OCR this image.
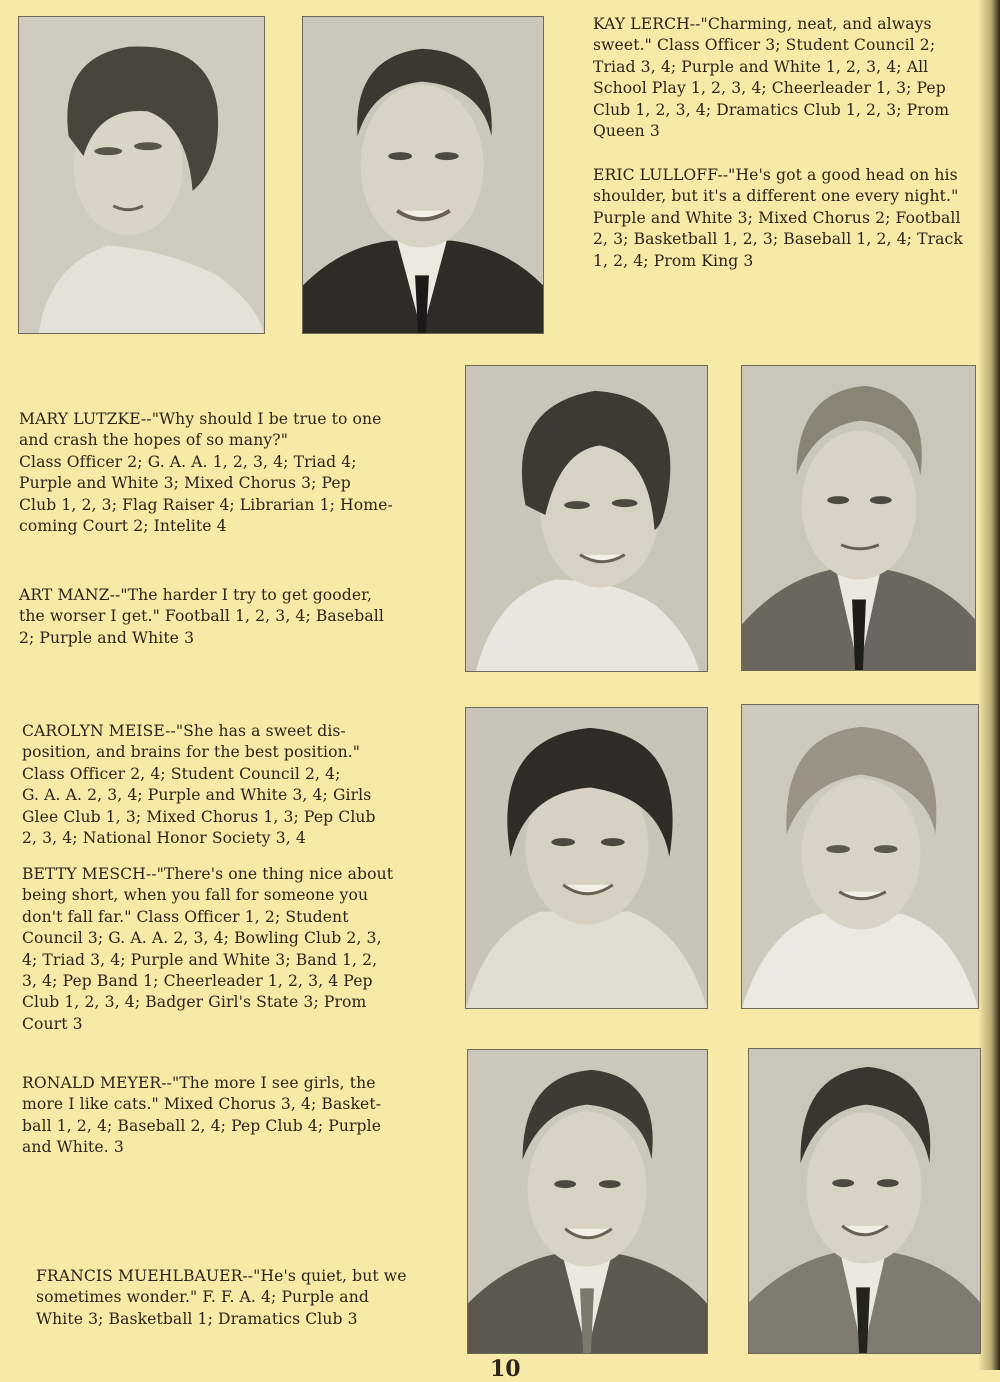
KAY LERCH--"Charming, neat, and always
sweet." Class Officer 3; Student Council 2;
Triad 3, 4; Purple and White 1, 2, 3, 4; All
School Play 1, 2, 3, 4; Cheerleader 1, 3; Pep
Club 1, 2, 3, 4; Dramatics Club 1, 2, 3; Prom
Queen 3

ERIC LULLOFF--"He's got a good head on his
shoulder, but it's a different one every night."
Purple and White 3; Mixed Chorus 2; Football
2, 3; Basketball 1, 2, 3; Baseball 1, 2, 4; Track
1, 2, 4; Prom King 3

MARY LUTZKE--"Why should I be true to one
and crash the hopes of so many?"
Class Officer 2; G. A. A. 1, 2, 3, 4; Triad 4;
Purple and White 3; Mixed Chorus 3; Pep
Club 1, 2, 3; Flag Raiser 4; Librarian 1; Home-
coming Court 2; Intelite 4

ART MANZ--"The harder I try to get gooder,
the worser I get." Football 1, 2, 3, 4; Baseball
2; Purple and White 3

CAROLYN MEISE--"She has a sweet dis-
position, and brains for the best position."
Class Officer 2, 4; Student Council 2, 4;
G. A. A. 2, 3, 4; Purple and White 3, 4; Girls
Glee Club 1, 3; Mixed Chorus 1, 3; Pep Club
2, 3, 4; National Honor Society 3, 4

BETTY MESCH--"There's one thing nice about
being short, when you fall for someone you
don't fall far." Class Officer 1, 2; Student
Council 3; G. A. A. 2, 3, 4; Bowling Club 2, 3,
4; Triad 3, 4; Purple and White 3; Band 1, 2,
3, 4; Pep Band 1; Cheerleader 1, 2, 3, 4 Pep
Club 1, 2, 3, 4; Badger Girl's State 3; Prom
Court 3

RONALD MEYER--"The more I see girls, the
more I like cats." Mixed Chorus 3, 4; Basket-
ball 1, 2, 4; Baseball 2, 4; Pep Club 4; Purple
and White. 3

FRANCIS MUEHLBAUER--"He's quiet, but we
sometimes wonder." F. F. A. 4; Purple and
White 3; Basketball 1; Dramatics Club 3

10
